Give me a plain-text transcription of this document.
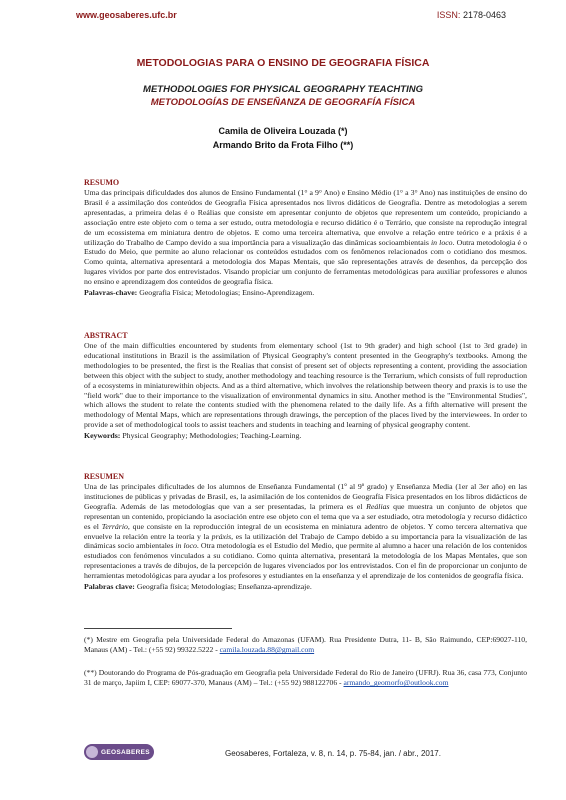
www.geosaberes.ufc.br	ISSN: 2178-0463
METODOLOGIAS PARA O ENSINO DE GEOGRAFIA FÍSICA
METHODOLOGIES FOR PHYSICAL GEOGRAPHY TEACHTING
METODOLOGÍAS DE ENSEÑANZA DE GEOGRAFÍA FÍSICA
Camila de Oliveira Louzada (*)
Armando Brito da Frota Filho (**)
RESUMO
Uma das principais dificuldades dos alunos de Ensino Fundamental (1° a 9° Ano) e Ensino Médio (1° a 3° Ano) nas instituições de ensino do Brasil é a assimilação dos conteúdos de Geografia Física apresentados nos livros didáticos de Geografia. Dentre as metodologias a serem apresentadas, a primeira delas é o Reálias que consiste em apresentar conjunto de objetos que representem um conteúdo, propiciando a associação entre este objeto com o tema a ser estudo, outra metodologia e recurso didático é o Terrário, que consiste na reprodução integral de um ecossistema em miniatura dentro de objetos. E como uma terceira alternativa, que envolve a relação entre teórico e a práxis é a utilização do Trabalho de Campo devido a sua importância para a visualização das dinâmicas socioambientais in loco. Outra metodologia é o Estudo do Meio, que permite ao aluno relacionar os conteúdos estudados com os fenômenos relacionados com o cotidiano dos mesmos. Como quinta, alternativa apresentará a metodologia dos Mapas Mentais, que são representações através de desenhos, da percepção dos lugares vividos por parte dos entrevistados. Visando propiciar um conjunto de ferramentas metodológicas para auxiliar professores e alunos no ensino e aprendizagem dos conteúdos de geografia física.
Palavras-chave: Geografia Física; Metodologias; Ensino-Aprendizagem.
ABSTRACT
One of the main difficulties encountered by students from elementary school (1st to 9th grader) and high school (1st to 3rd grade) in educational institutions in Brazil is the assimilation of Physical Geography's content presented in the Geography's textbooks. Among the methodologies to be presented, the first is the Realias that consist of present set of objects representing a content, providing the association between this object with the subject to study, another methodology and teaching resource is the Terrarium, which consists of full reproduction of a ecosystems in miniaturewithin objects. And as a third alternative, which involves the relationship between theory and praxis is to use the "field work" due to their importance to the visualization of environmental dynamics in situ. Another method is the "Environmental Studies", which allows the student to relate the contents studied with the phenomena related to the daily life. As a fifth alternative will present the methodology of Mental Maps, which are representations through drawings, the perception of the places lived by the interviewees. In order to provide a set of methodological tools to assist teachers and students in teaching and learning of physical geography content.
Keywords: Physical Geography; Methodologies; Teaching-Learning.
RESUMEN
Una de las principales dificultades de los alumnos de Enseñanza Fundamental (1º al 9º grado) y Enseñanza Media (1er al 3er año) en las instituciones de públicas y privadas de Brasil, es, la asimilación de los contenidos de Geografía Física presentados en los libros didácticos de Geografía. Además de las metodologías que van a ser presentadas, la primera es el Reálias que muestra un conjunto de objetos que representan un contenido, propiciando la asociación entre ese objeto con el tema que va a ser estudiado, otra metodología y recurso didáctico es el Terrário, que consiste en la reproducción integral de un ecosistema en miniatura adentro de objetos. Y como tercera alternativa que envuelve la relación entre la teoría y la práxis, es la utilización del Trabajo de Campo debido a su importancia para la visualización de las dinámicas socio ambientales in loco. Otra metodología es el Estudio del Medio, que permite al alumno a hacer una relación de los contenidos estudiados con fenómenos vinculados a su cotidiano. Como quinta alternativa, presentará la metodología de los Mapas Mentales, que son representaciones a través de dibujos, de la percepción de lugares vivenciados por los entrevistados. Con el fin de proporcionar un conjunto de herramientas metodológicas para ayudar a los profesores y estudiantes en la enseñanza y el aprendizaje de los contenidos de geografía física.
Palabras clave: Geografía física; Metodologías; Enseñanza-aprendizaje.
(*) Mestre em Geografia pela Universidade Federal do Amazonas (UFAM). Rua Presidente Dutra, 11- B, São Raimundo, CEP:69027-110, Manaus (AM) - Tel.: (+55 92) 99322.5222 - camila.louzada.88@gmail.com
(**) Doutorando do Programa de Pós-graduação em Geografia pela Universidade Federal do Rio de Janeiro (UFRJ). Rua 36, casa 773, Conjunto 31 de março, Japiim I, CEP: 69077-370, Manaus (AM) – Tel.: (+55 92) 988122706 - armando_geomorfo@outlook.com
GEOSABERES	Geosaberes, Fortaleza, v. 8, n. 14, p. 75-84, jan. / abr., 2017.
